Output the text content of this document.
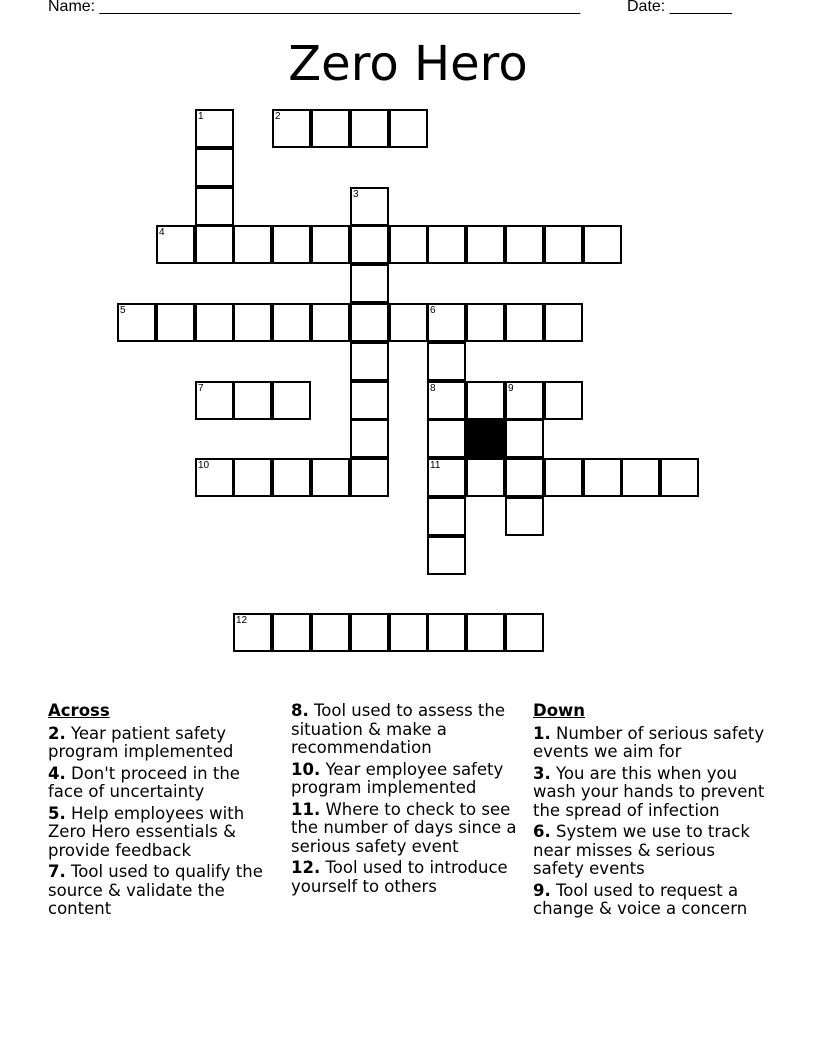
Name: ______________________________________________________	Date: _______
Zero Hero
1	2
3
4
5	6
7	8	9
10	11
12
Across
2. Year patient safety program implemented
4. Don't proceed in the face of uncertainty
5. Help employees with Zero Hero essentials & provide feedback
7. Tool used to qualify the source & validate the content
8. Tool used to assess the situation & make a recommendation
10. Year employee safety program implemented
11. Where to check to see the number of days since a serious safety event
12. Tool used to introduce yourself to others
Down
1. Number of serious safety events we aim for
3. You are this when you wash your hands to prevent the spread of infection
6. System we use to track near misses & serious safety events
9. Tool used to request a change & voice a concern
